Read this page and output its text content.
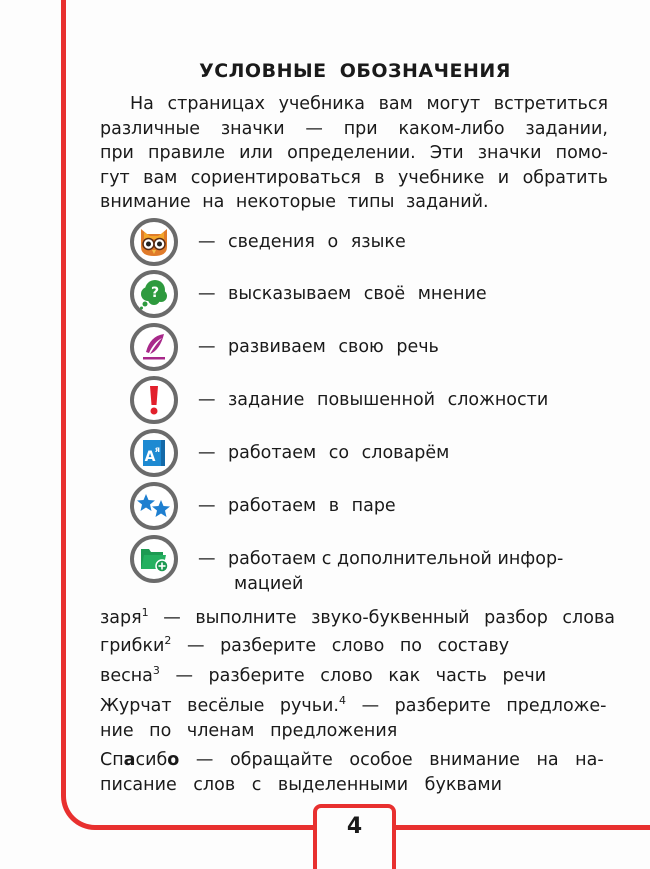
4
УСЛОВНЫЕ ОБОЗНАЧЕНИЯ
На страницах учебника вам могут встретиться
различные значки — при каком-либо задании,
при правиле или определении. Эти значки помо-
гут вам сориентироваться в учебнике и обратить
внимание на некоторые типы заданий.
— сведения о языке
? — высказываем своё мнение
— развиваем свою речь
— задание повышенной сложности
A я — работаем со словарём
— работаем в паре
— работаем с дополнительной инфор-
мацией
заря$^1$ — выполните звуко-буквенный разбор слова
грибки$^2$ — разберите слово по составу
весна$^3$ — разберите слово как часть речи
Журчат весёлые ручьи.$^4$ — разберите предложе-
ние по членам предложения
Спасибо — обращайте особое внимание на на-
писание слов с выделенными буквами
